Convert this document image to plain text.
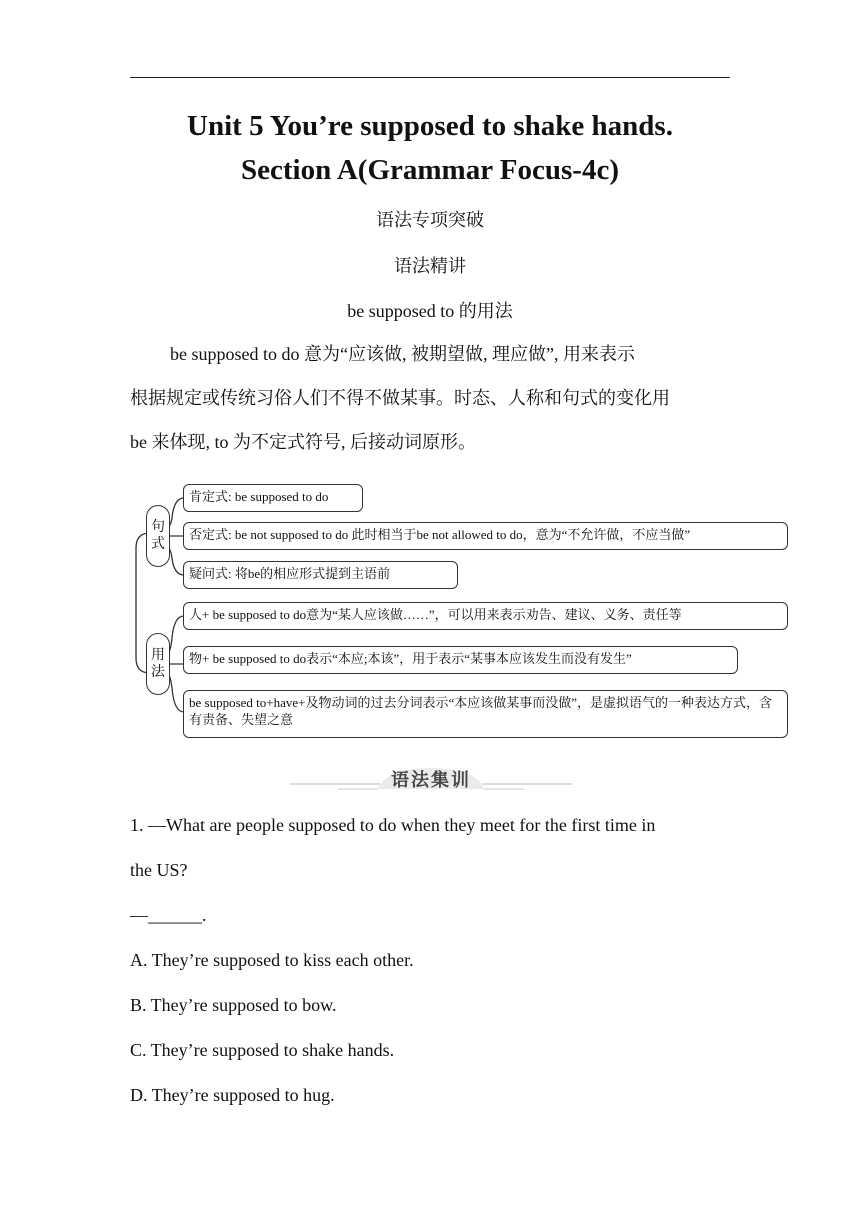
Unit 5 You’re supposed to shake hands.
Section A(Grammar Focus-4c)
语法专项突破
语法精讲
be supposed to 的用法
be supposed to do 意为“应该做, 被期望做, 理应做”, 用来表示
根据规定或传统习俗人们不得不做某事。时态、人称和句式的变化用
be 来体现, to 为不定式符号, 后接动词原形。
句式
用法
肯定式: be supposed to do
否定式: be not supposed to do 此时相当于be not allowed to do，意为“不允许做，不应当做”
疑问式: 将be的相应形式提到主语前
人+ be supposed to do意为“某人应该做……”，可以用来表示劝告、建议、义务、责任等
物+ be supposed to do表示“本应;本该”，用于表示“某事本应该发生而没有发生”
be supposed to+have+及物动词的过去分词表示“本应该做某事而没做”，是虚拟语气的一种表达方式，含有责备、失望之意
语法集训
1. —What are people supposed to do when they meet for the first time in
the US?
—______.
A. They’re supposed to kiss each other.
B. They’re supposed to bow.
C. They’re supposed to shake hands.
D. They’re supposed to hug.
